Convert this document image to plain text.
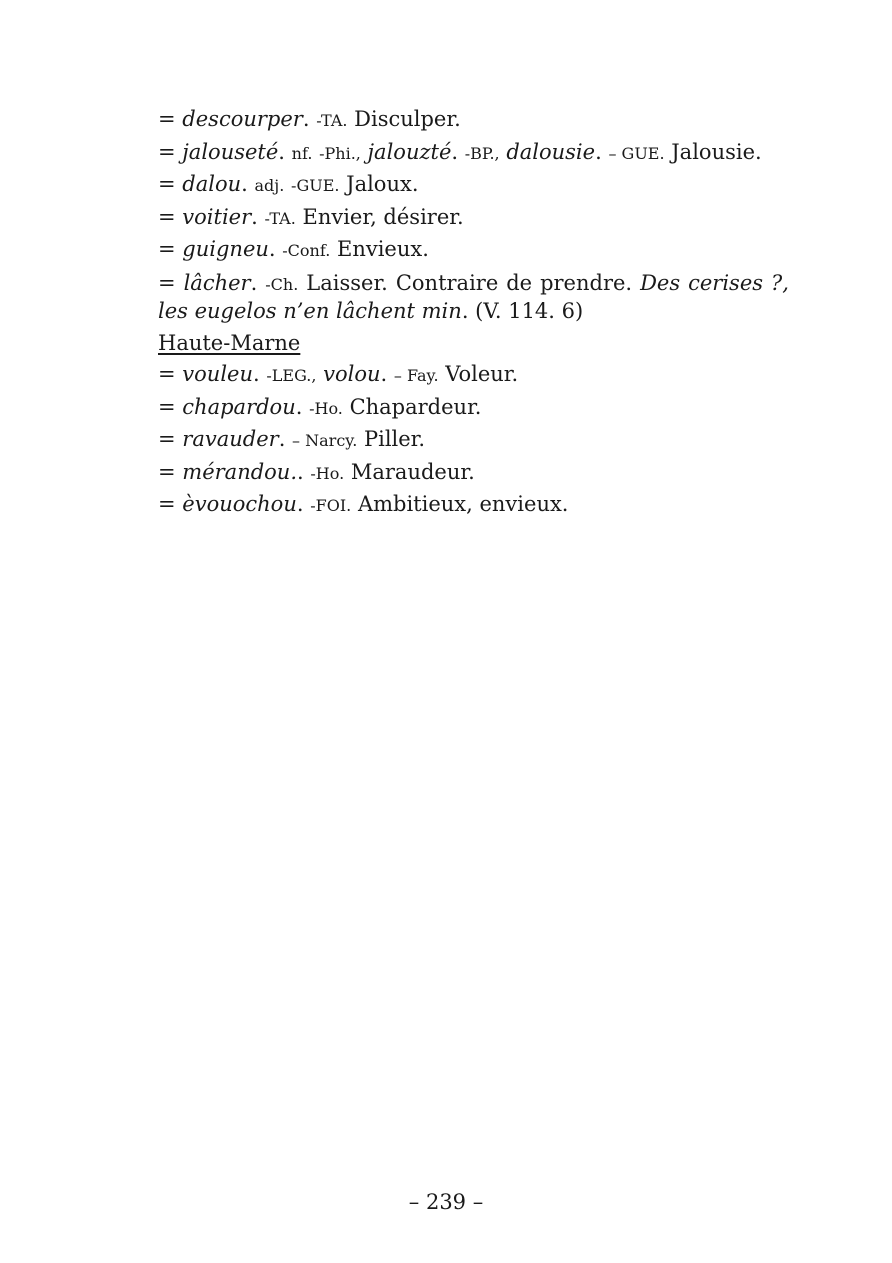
= descourper. -TA. Disculper.
= jalouseté. nf. -Phi., jalouzté. -BP., dalousie. – GUE. Jalousie.
= dalou. adj. -GUE. Jaloux.
= voitier. -TA. Envier, désirer.
= guigneu. -Conf. Envieux.
= lâcher. -Ch. Laisser. Contraire de prendre. Des cerises ?, les eugelos n’en lâchent min. (V. 114. 6)
Haute-Marne
= vouleu. -LEG., volou. – Fay. Voleur.
= chapardou. -Ho. Chapardeur.
= ravauder. – Narcy. Piller.
= mérandou.. -Ho. Maraudeur.
= èvouochou. -FOI. Ambitieux, envieux.
– 239 –
